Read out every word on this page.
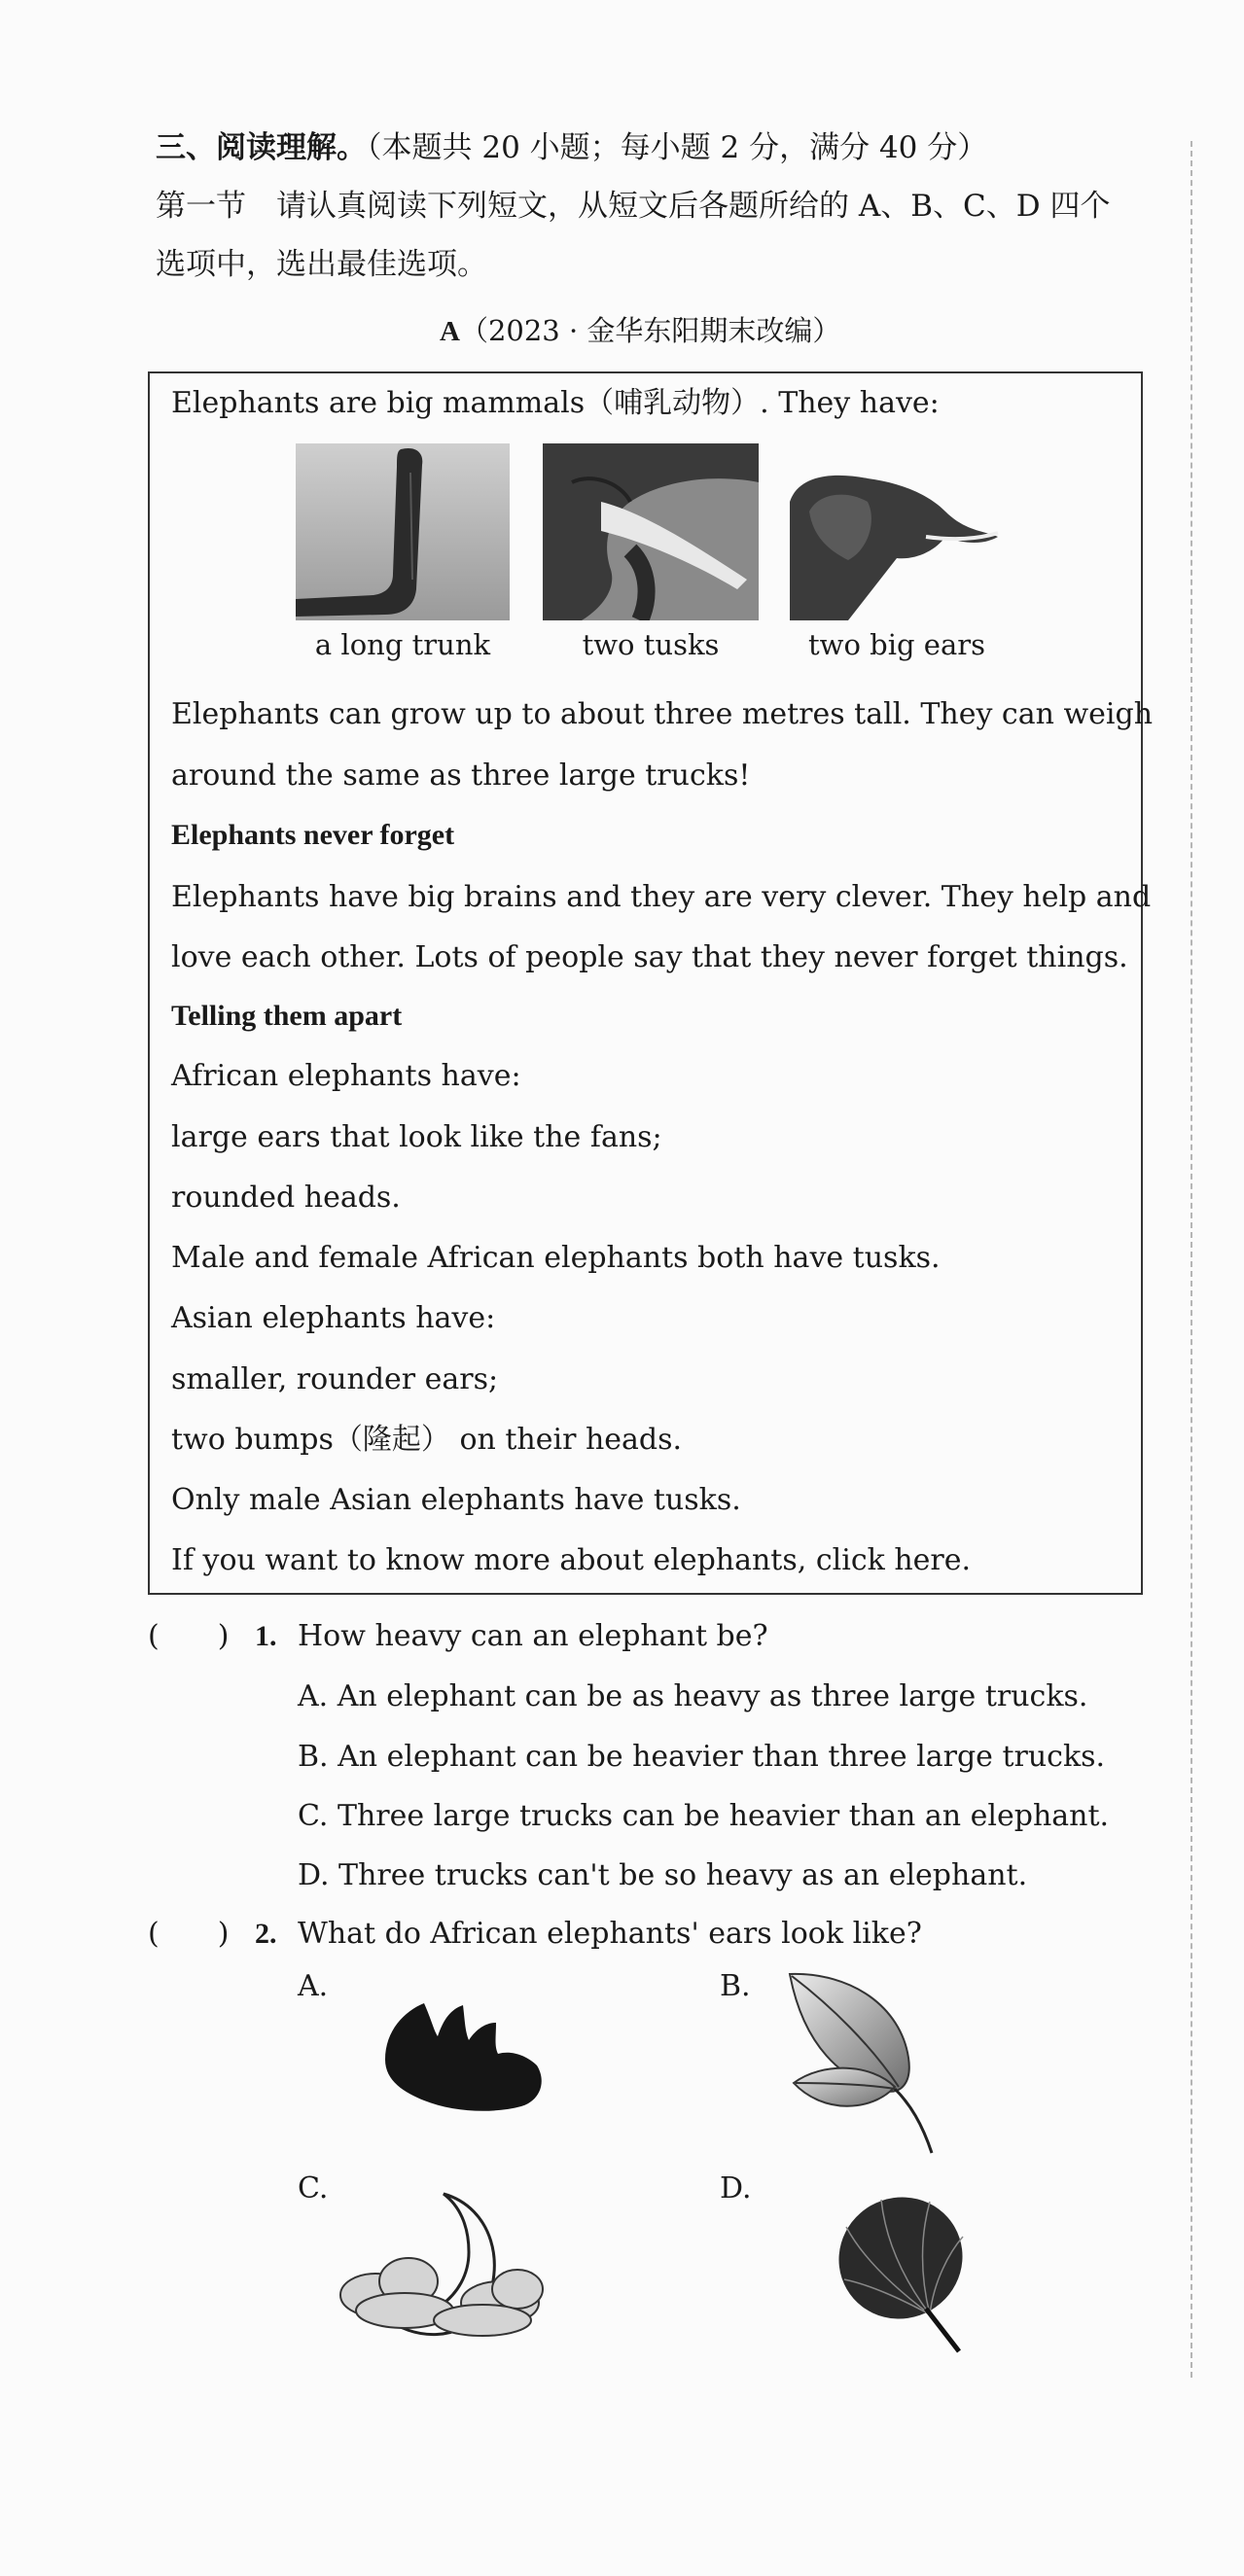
三、阅读理解。（本题共 20 小题；每小题 2 分，满分 40 分）
第一节　请认真阅读下列短文，从短文后各题所给的 A、B、C、D 四个
选项中，选出最佳选项。
A（2023 · 金华东阳期末改编）
Elephants are big mammals（哺乳动物）. They have:
a long trunk	two tusks	two big ears
Elephants can grow up to about three metres tall. They can weigh
around the same as three large trucks!
Elephants never forget
Elephants have big brains and they are very clever. They help and
love each other. Lots of people say that they never forget things.
Telling them apart
African elephants have:
large ears that look like the fans;
rounded heads.
Male and female African elephants both have tusks.
Asian elephants have:
smaller, rounder ears;
two bumps（隆起） on their heads.
Only male Asian elephants have tusks.
If you want to know more about elephants, click here.
(　　) 1. How heavy can an elephant be?
A. An elephant can be as heavy as three large trucks.
B. An elephant can be heavier than three large trucks.
C. Three large trucks can be heavier than an elephant.
D. Three trucks can't be so heavy as an elephant.
(　　) 2. What do African elephants' ears look like?
A.	B.
C.	D.
